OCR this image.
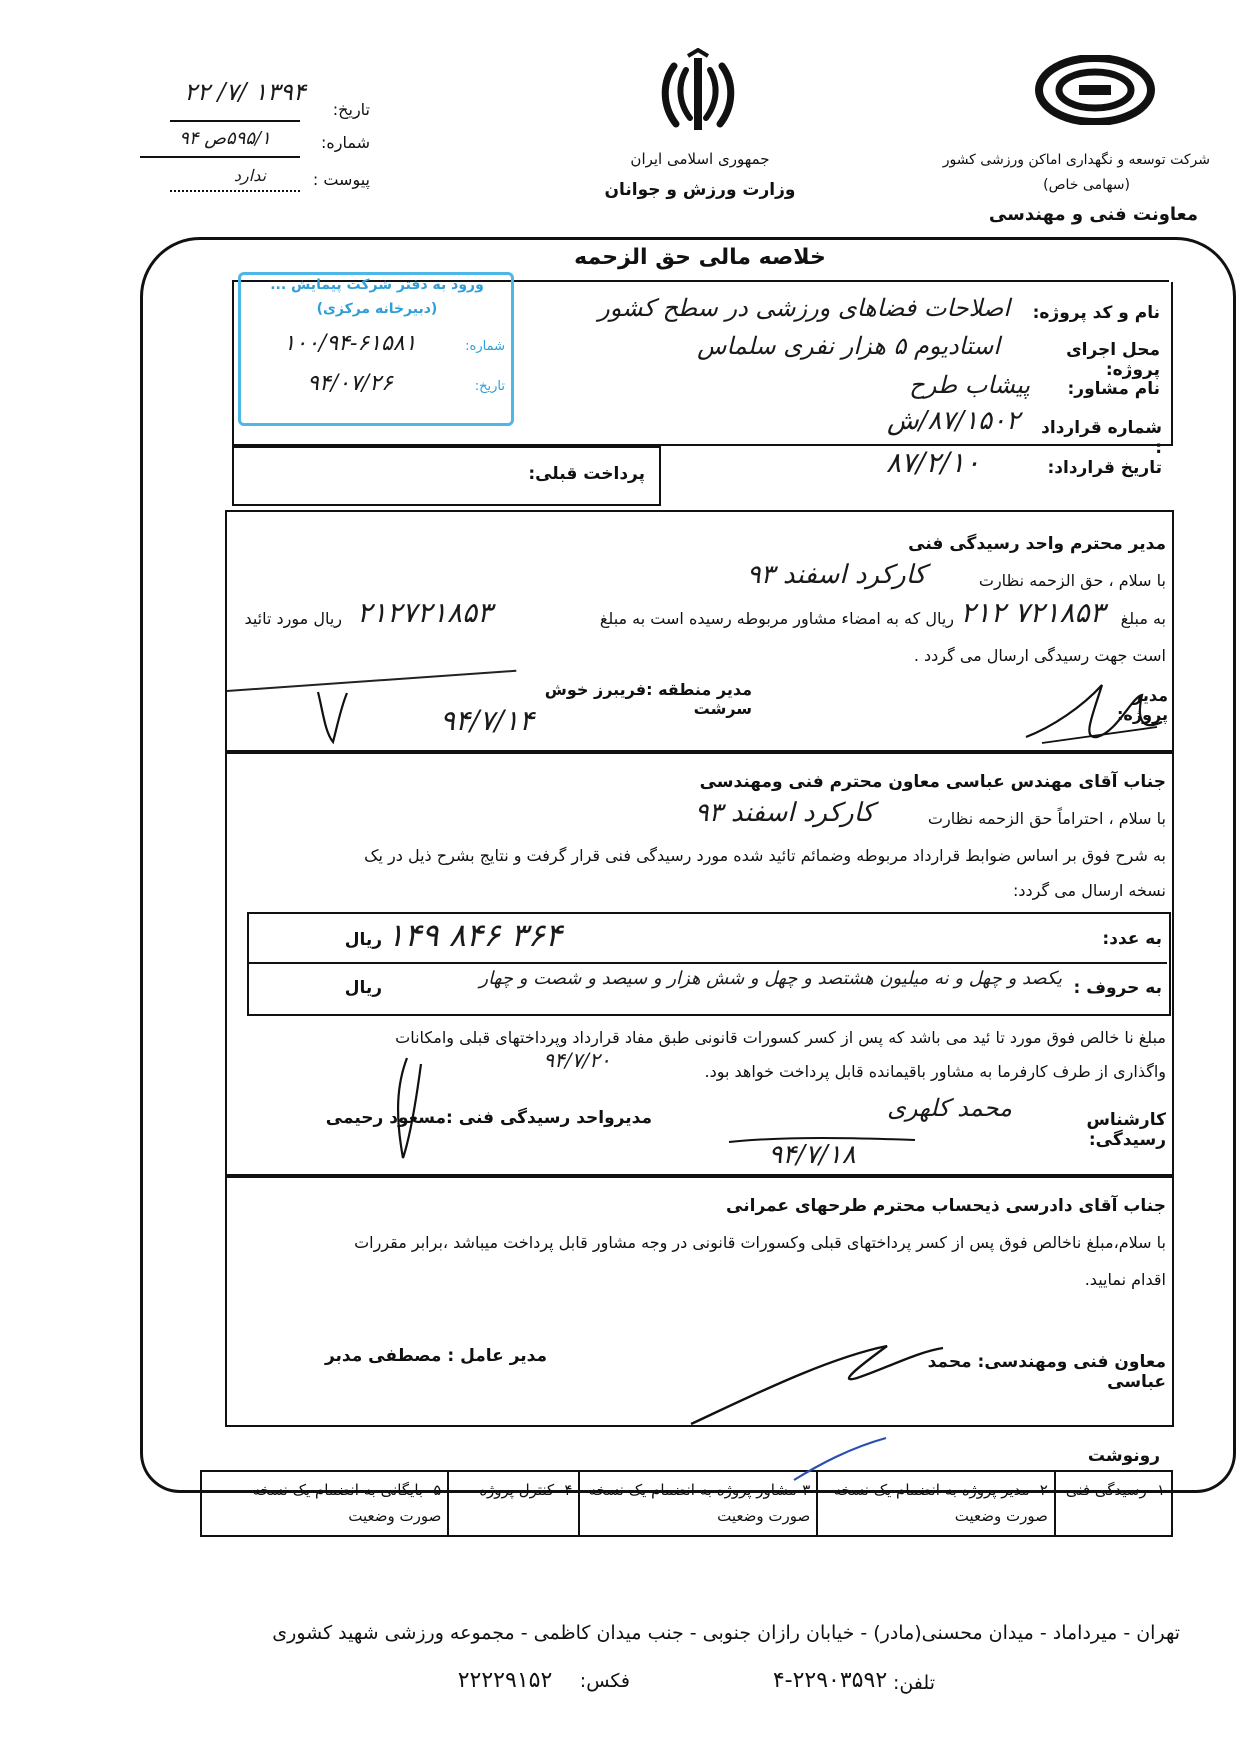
شرکت توسعه و نگهداری اماکن ورزشی کشور
(سهامی خاص)
معاونت فنی و مهندسی
جمهوری اسلامی ایران
وزارت ورزش و جوانان
تاریخ:
۱۳۹۴ /۷/ ۲۲
شماره:
۵۹۵/۱ص ۹۴
پیوست :
ندارد
خلاصه مالی حق الزحمه
ورود به دفتر شرکت پیمایش ...
(دبیرخانه مرکزی)
شماره:
۱۰۰/۹۴-۶۱۵۸۱
تاریخ:
۹۴/۰۷/۲۶
نام و کد پروژه:
اصلاحات فضاهای ورزشی در سطح کشور
محل اجرای پروژه:
استادیوم ۵ هزار نفری سلماس
نام مشاور:
پیشاب طرح
شماره قرارداد :
۸۷/۱۵۰۲/ش
تاریخ قرارداد:
۸۷/۲/۱۰
پرداخت قبلی:
مدیر محترم واحد رسیدگی فنی
با سلام ، حق الزحمه نظارت
کارکرد اسفند ۹۳
به مبلغ
۲۱۲ ۷۲۱۸۵۳
ریال که به امضاء مشاور مربوطه رسیده است به مبلغ
۲۱۲۷۲۱۸۵۳
ریال مورد تائید
است جهت رسیدگی ارسال می گردد .
مدیر منطقه :فریبرز خوش سرشت
۹۴/۷/۱۴
مدیر پروژه:
جناب آقای مهندس عباسی معاون محترم فنی ومهندسی
با سلام ، احتراماً حق الزحمه نظارت
کارکرد اسفند ۹۳
به شرح فوق بر اساس ضوابط قرارداد مربوطه وضمائم تائید شده مورد رسیدگی فنی قرار گرفت و نتایج بشرح ذیل در یک
نسخه ارسال می گردد:
به عدد:
۱۴۹ ۸۴۶ ۳۶۴
ریال
به حروف :
یکصد و چهل و نه میلیون هشتصد و چهل و شش هزار و سیصد و شصت و چهار
ریال
مبلغ نا خالص فوق مورد تا ئید می باشد که پس از کسر کسورات قانونی طبق مفاد قرارداد وپرداختهای قبلی وامکانات
واگذاری از طرف کارفرما به مشاور باقیمانده قابل پرداخت خواهد بود.
۹۴/۷/۲۰
کارشناس رسیدگی:
محمد کلهری
۹۴/۷/۱۸
مدیرواحد رسیدگی فنی :مسعود رحیمی
جناب آقای دادرسی ذیحساب محترم طرحهای عمرانی
با سلام،مبلغ ناخالص فوق پس از کسر پرداختهای قبلی وکسورات قانونی در وجه مشاور قابل پرداخت میباشد ،برابر مقررات
اقدام نمایید.
مدیر عامل : مصطفی مدبر	معاون فنی ومهندسی: محمد عباسی
رونوشت
۱- رسیدگی فنی	۲- مدیر پروژه به انضمام یک نسخه صورت وضعیت	۳-مشاور پروژه به انضمام یک نسخه صورت وضعیت	۴- کنترل پروژه	۵- بایگانی به انضمام یک نسخه صورت وضعیت
تهران - میرداماد - میدان محسنی(مادر) - خیابان رازان جنوبی - جنب میدان کاظمی - مجموعه ورزشی شهید کشوری
تلفن:
۴-۲۲۹۰۳۵۹۲
فکس:
۲۲۲۲۹۱۵۲
